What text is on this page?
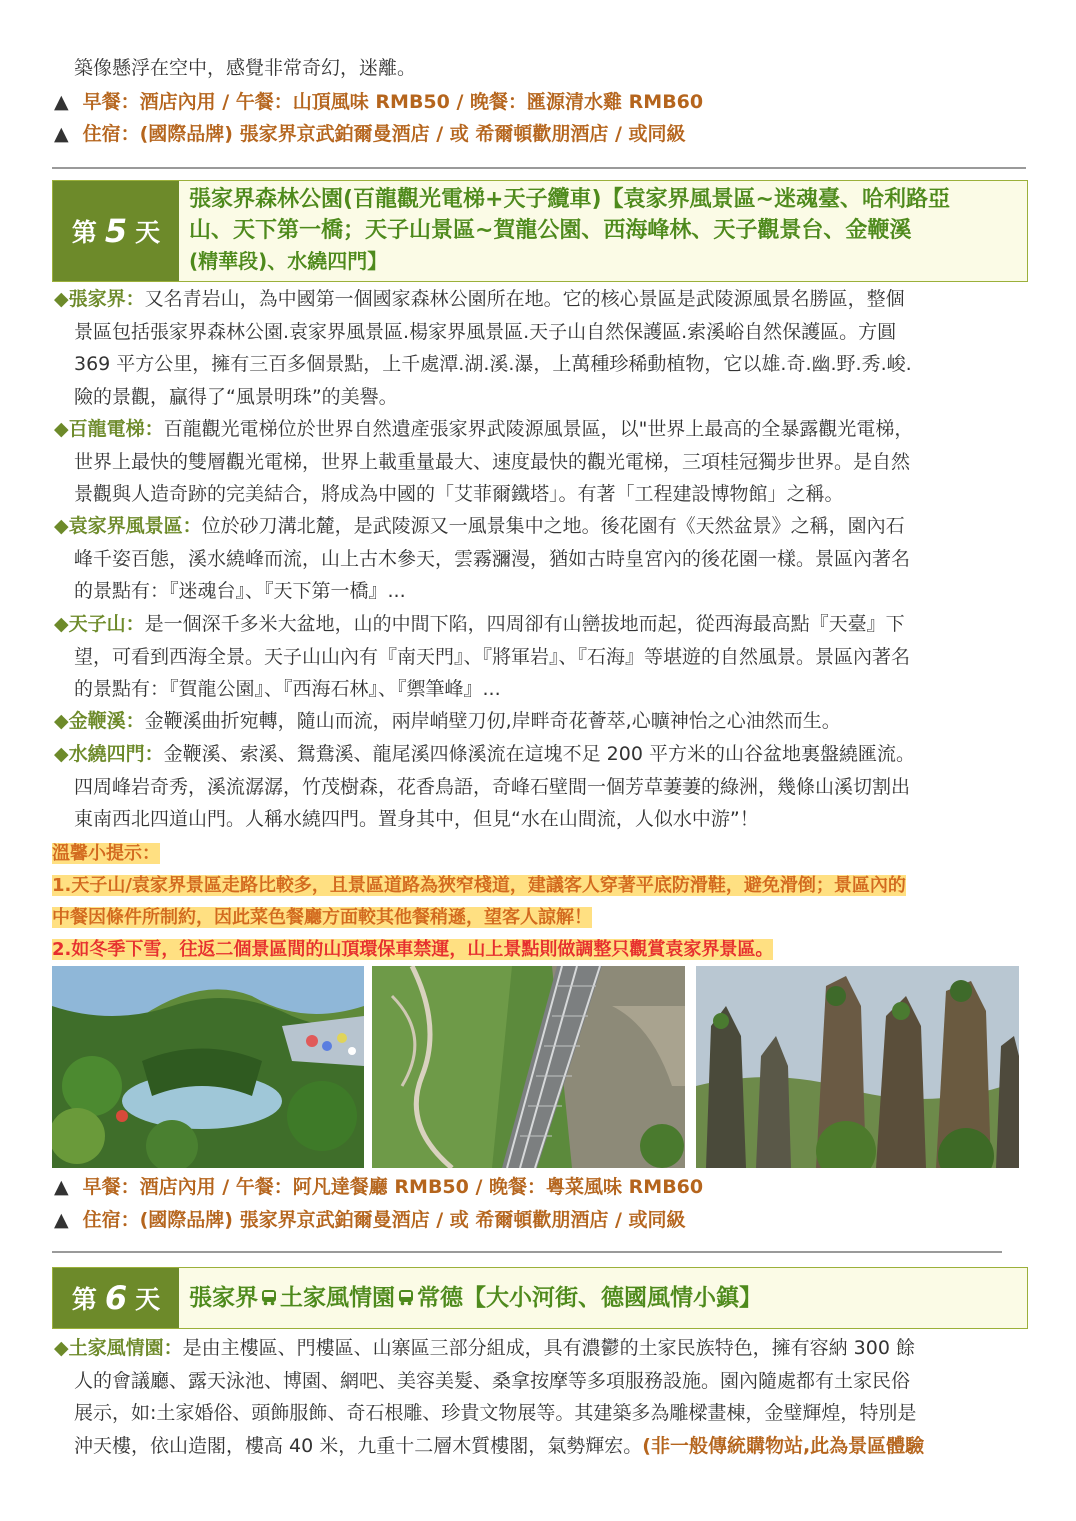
築像懸浮在空中，感覺非常奇幻，迷離。
▲ 早餐：酒店內用 / 午餐：山頂風味 RMB50 / 晚餐：匯源清水雞 RMB60
▲ 住宿：(國際品牌) 張家界京武鉑爾曼酒店 / 或 希爾頓歡朋酒店 / 或同級
第 5 天
張家界森林公園(百龍觀光電梯+天子纜車)【袁家界風景區~迷魂臺、哈利路亞
山、天下第一橋；天子山景區~賀龍公園、西海峰林、天子觀景台、金鞭溪
(精華段)、水繞四門】
◆張家界：又名青岩山，為中國第一個國家森林公園所在地。它的核心景區是武陵源風景名勝區，整個
景區包括張家界森林公園.袁家界風景區.楊家界風景區.天子山自然保護區.索溪峪自然保護區。方圓
369 平方公里，擁有三百多個景點，上千處潭.湖.溪.瀑，上萬種珍稀動植物，它以雄.奇.幽.野.秀.峻.
險的景觀，贏得了“風景明珠”的美譽。
◆百龍電梯：百龍觀光電梯位於世界自然遺產張家界武陵源風景區，以"世界上最高的全暴露觀光電梯，
世界上最快的雙層觀光電梯，世界上載重量最大、速度最快的觀光電梯，三項桂冠獨步世界。是自然
景觀與人造奇跡的完美結合，將成為中國的「艾菲爾鐵塔」。有著「工程建設博物館」之稱。
◆袁家界風景區：位於砂刀溝北麓，是武陵源又一風景集中之地。後花園有《天然盆景》之稱，園內石
峰千姿百態，溪水繞峰而流，山上古木參天，雲霧瀰漫，猶如古時皇宮內的後花園一樣。景區內著名
的景點有：『迷魂台』、『天下第一橋』...
◆天子山：是一個深千多米大盆地，山的中間下陷，四周卻有山巒拔地而起，從西海最高點『天臺』下
望，可看到西海全景。天子山山內有『南天門』、『將軍岩』、『石海』等堪遊的自然風景。景區內著名
的景點有：『賀龍公園』、『西海石林』、『禦筆峰』...
◆金鞭溪：金鞭溪曲折宛轉，隨山而流，兩岸峭壁刀仞,岸畔奇花薈萃,心曠神怡之心油然而生。
◆水繞四門：金鞭溪、索溪、鴛鴦溪、龍尾溪四條溪流在這塊不足 200 平方米的山谷盆地裏盤繞匯流。
四周峰岩奇秀，溪流潺潺，竹茂樹森，花香鳥語，奇峰石壁間一個芳草萋萋的綠洲，幾條山溪切割出
東南西北四道山門。人稱水繞四門。置身其中，但見“水在山間流，人似水中游”！
溫馨小提示：
1.天子山/袁家界景區走路比較多，且景區道路為狹窄棧道，建議客人穿著平底防滑鞋，避免滑倒；景區內的
中餐因條件所制約，因此菜色餐廳方面較其他餐稍遜，望客人諒解！
2.如冬季下雪，往返二個景區間的山頂環保車禁運，山上景點則做調整只觀賞袁家界景區。
▲ 早餐：酒店內用 / 午餐：阿凡達餐廳 RMB50 / 晚餐：粵菜風味 RMB60
▲ 住宿：(國際品牌) 張家界京武鉑爾曼酒店 / 或 希爾頓歡朋酒店 / 或同級
第 6 天 張家界 土家風情園 常德【大小河街、德國風情小鎮】
◆土家風情園：是由主樓區、門樓區、山寨區三部分組成，具有濃鬱的土家民族特色，擁有容納 300 餘
人的會議廳、露天泳池、博園、網吧、美容美髮、桑拿按摩等多項服務設施。園內隨處都有土家民俗
展示，如:土家婚俗、頭飾服飾、奇石根雕、珍貴文物展等。其建築多為雕樑畫棟，金璧輝煌，特別是
沖天樓，依山造閣，樓高 40 米，九重十二層木質樓閣，氣勢輝宏。(非一般傳統購物站,此為景區體驗
